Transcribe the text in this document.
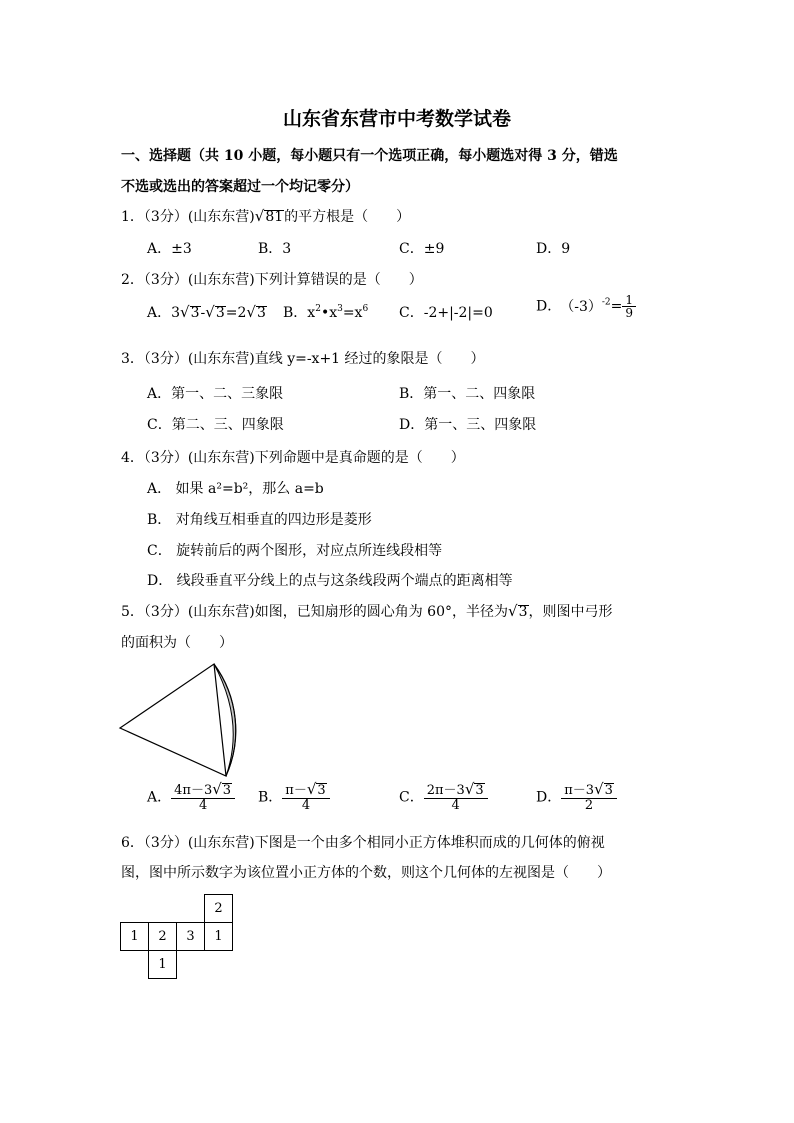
山东省东营市中考数学试卷
一、选择题（共 10 小题，每小题只有一个选项正确，每小题选对得 3 分，错选
不选或选出的答案超过一个均记零分）
1．（3分）(山东东营)√81的平方根是（　　）
A．±3	B．3	C．±9	D．9
2．（3分）(山东东营)下列计算错误的是（　　）
A．3√3-√3=2√3 B．$x^2•x^3=x^6$ C．-2+|-2|=0	D． $(-3)^{-2}= \frac{1}{9}$
3．（3分）(山东东营)直线 y=-x+1 经过的象限是（　　）
A．第一、二、三象限	B．第一、二、四象限
C．第二、三、四象限	D．第一、三、四象限
4．（3分）(山东东营)下列命题中是真命题的是（　　）
A． 如果 a²=b²，那么 a=b
B． 对角线互相垂直的四边形是菱形
C． 旋转前后的两个图形，对应点所连线段相等
D． 线段垂直平分线上的点与这条线段两个端点的距离相等
5．（3分）(山东东营)如图，已知扇形的圆心角为 60°，半径为√3，则图中弓形
的面积为（　　）
A． $\frac{4\pi-3√3}{4}$ B． $\frac{\pi-√3}{4}$	C． $\frac{2\pi-3√3}{4}$	D． $\frac{\pi-3√3}{2}$
6．（3分）(山东东营)下图是一个由多个相同小正方体堆积而成的几何体的俯视
图，图中所示数字为该位置小正方体的个数，则这个几何体的左视图是（　　）
			2
1	2	3	1
	1		
